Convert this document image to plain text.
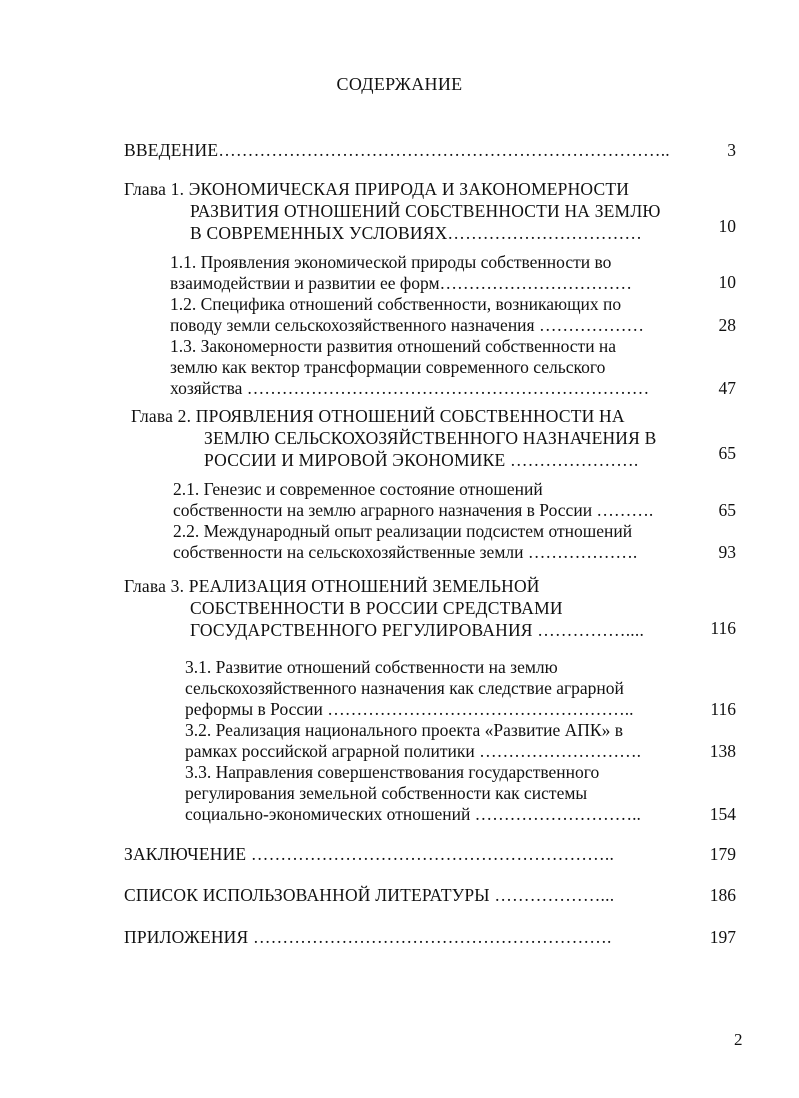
СОДЕРЖАНИЕ
ВВЕДЕНИЕ…………………………………………………………………..	3
Глава 1. ЭКОНОМИЧЕСКАЯ ПРИРОДА И ЗАКОНОМЕРНОСТИ
РАЗВИТИЯ ОТНОШЕНИЙ СОБСТВЕННОСТИ НА ЗЕМЛЮ
В СОВРЕМЕННЫХ УСЛОВИЯХ……………………………	10
1.1. Проявления экономической природы собственности во
взаимодействии и развитии ее форм……………………………	10
1.2. Специфика отношений собственности, возникающих по
поводу земли сельскохозяйственного назначения ………………	28
1.3. Закономерности развития отношений собственности на
землю как вектор трансформации современного сельского
хозяйства ……………………………………………………………	47
Глава 2. ПРОЯВЛЕНИЯ ОТНОШЕНИЙ СОБСТВЕННОСТИ НА
ЗЕМЛЮ СЕЛЬСКОХОЗЯЙСТВЕННОГО НАЗНАЧЕНИЯ В
РОССИИ И МИРОВОЙ ЭКОНОМИКЕ ………………….	65
2.1. Генезис и современное состояние отношений
собственности на землю аграрного назначения в России ……….	65
2.2. Международный опыт реализации подсистем отношений
собственности на сельскохозяйственные земли ……………….	93
Глава 3. РЕАЛИЗАЦИЯ ОТНОШЕНИЙ ЗЕМЕЛЬНОЙ
СОБСТВЕННОСТИ В РОССИИ СРЕДСТВАМИ
ГОСУДАРСТВЕННОГО РЕГУЛИРОВАНИЯ ……………....	116
3.1. Развитие отношений собственности на землю
сельскохозяйственного назначения как следствие аграрной
реформы в России ……………………………………………..	116
3.2. Реализация национального проекта «Развитие АПК» в
рамках российской аграрной политики ……………………….	138
3.3. Направления совершенствования государственного
регулирования земельной собственности как системы
социально-экономических отношений ………………………..	154
ЗАКЛЮЧЕНИЕ ……………………………………………………..	179
СПИСОК ИСПОЛЬЗОВАННОЙ ЛИТЕРАТУРЫ ………………...	186
ПРИЛОЖЕНИЯ …………………………………………………….	197
2
